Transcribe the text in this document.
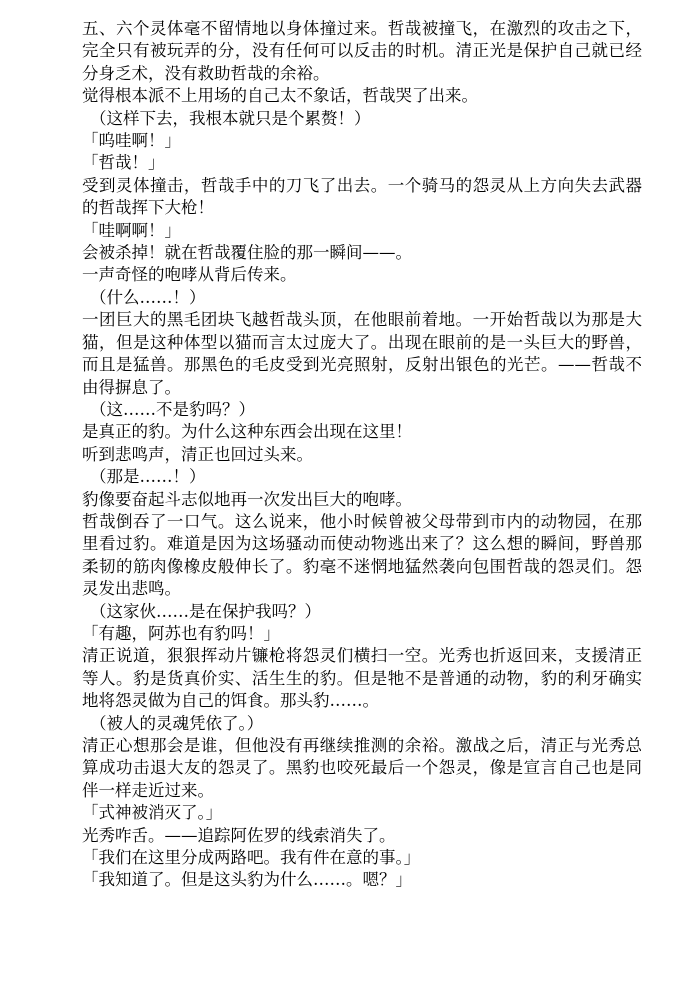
五、六个灵体毫不留情地以身体撞过来。哲哉被撞飞，在激烈的攻击之下，完全只有被玩弄的分，没有任何可以反击的时机。清正光是保护自己就已经分身乏术，没有救助哲哉的余裕。

觉得根本派不上用场的自己太不象话，哲哉哭了出来。

（这样下去，我根本就只是个累赘！）

「呜哇啊！」

「哲哉！」

受到灵体撞击，哲哉手中的刀飞了出去。一个骑马的怨灵从上方向失去武器的哲哉挥下大枪！

「哇啊啊！」

会被杀掉！就在哲哉覆住脸的那一瞬间——。

一声奇怪的咆哮从背后传来。

（什么……！）

一团巨大的黑毛团块飞越哲哉头顶，在他眼前着地。一开始哲哉以为那是大猫，但是这种体型以猫而言太过庞大了。出现在眼前的是一头巨大的野兽，而且是猛兽。那黑色的毛皮受到光亮照射，反射出银色的光芒。——哲哉不由得摒息了。

（这……不是豹吗？）

是真正的豹。为什么这种东西会出现在这里！

听到悲鸣声，清正也回过头来。

（那是……！）

豹像要奋起斗志似地再一次发出巨大的咆哮。

哲哉倒吞了一口气。这么说来，他小时候曾被父母带到市内的动物园，在那里看过豹。难道是因为这场骚动而使动物逃出来了？这么想的瞬间，野兽那柔韧的筋肉像橡皮般伸长了。豹毫不迷惘地猛然袭向包围哲哉的怨灵们。怨灵发出悲鸣。

（这家伙……是在保护我吗？）

「有趣，阿苏也有豹吗！」

清正说道，狠狠挥动片镰枪将怨灵们横扫一空。光秀也折返回来，支援清正等人。豹是货真价实、活生生的豹。但是牠不是普通的动物，豹的利牙确实地将怨灵做为自己的饵食。那头豹……。

（被人的灵魂凭依了。）

清正心想那会是谁，但他没有再继续推测的余裕。激战之后，清正与光秀总算成功击退大友的怨灵了。黑豹也咬死最后一个怨灵，像是宣言自己也是同伴一样走近过来。

「式神被消灭了。」

光秀咋舌。——追踪阿佐罗的线索消失了。

「我们在这里分成两路吧。我有件在意的事。」

「我知道了。但是这头豹为什么……。嗯？」
